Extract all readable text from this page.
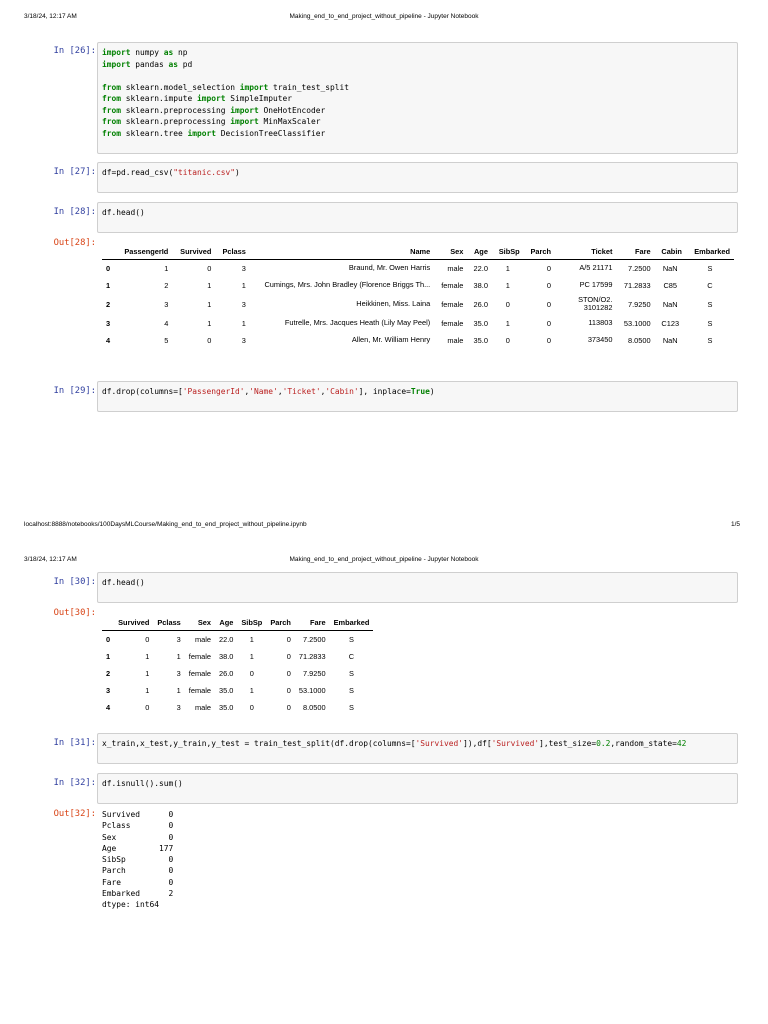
3/18/24, 12:17 AM	Making_end_to_end_project_without_pipeline - Jupyter Notebook
In [26]: import numpy as np
import pandas as pd
from sklearn.model_selection import train_test_split
from sklearn.impute import SimpleImputer
from sklearn.preprocessing import OneHotEncoder
from sklearn.preprocessing import MinMaxScaler
from sklearn.tree import DecisionTreeClassifier
In [27]: df=pd.read_csv("titanic.csv")
In [28]: df.head()
Out[28]:
	PassengerId	Survived	Pclass	Name	Sex	Age	SibSp	Parch	Ticket	Fare	Cabin	Embarked
0	1	0	3	Braund, Mr. Owen Harris	male	22.0	1	0	A/5 21171	7.2500	NaN	S
1	2	1	1	Cumings, Mrs. John Bradley (Florence Briggs Th...	female	38.0	1	0	PC 17599	71.2833	C85	C
2	3	1	3	Heikkinen, Miss. Laina	female	26.0	0	0	STON/O2. 3101282	7.9250	NaN	S
3	4	1	1	Futrelle, Mrs. Jacques Heath (Lily May Peel)	female	35.0	1	0	113803	53.1000	C123	S
4	5	0	3	Allen, Mr. William Henry	male	35.0	0	0	373450	8.0500	NaN	S
In [29]: df.drop(columns=['PassengerId','Name','Ticket','Cabin'], inplace=True)
localhost:8888/notebooks/100DaysMLCourse/Making_end_to_end_project_without_pipeline.ipynb	1/5
3/18/24, 12:17 AM	Making_end_to_end_project_without_pipeline - Jupyter Notebook
In [30]: df.head()
Out[30]:
	Survived	Pclass	Sex	Age	SibSp	Parch	Fare	Embarked
0	0	3	male	22.0	1	0	7.2500	S
1	1	1	female	38.0	1	0	71.2833	C
2	1	3	female	26.0	0	0	7.9250	S
3	1	1	female	35.0	1	0	53.1000	S
4	0	3	male	35.0	0	0	8.0500	S
In [31]: x_train,x_test,y_train,y_test = train_test_split(df.drop(columns=['Survived']),df['Survived'],test_size=0.2,random_state=42
In [32]: df.isnull().sum()
Out[32]: Survived      0
Pclass        0
Sex           0
Age         177
SibSp         0
Parch         0
Fare          0
Embarked      2
dtype: int64
